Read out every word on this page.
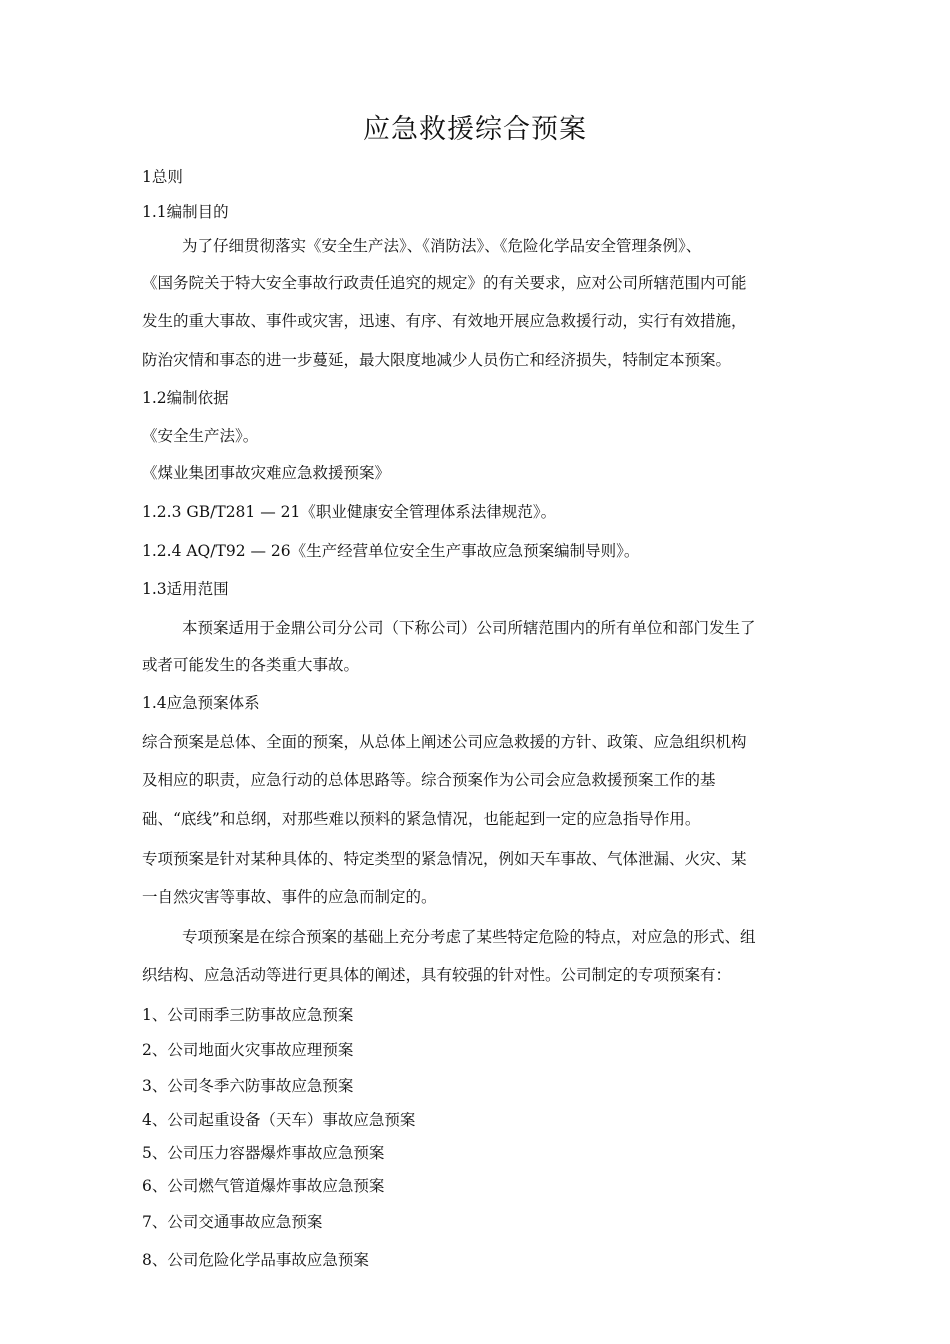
应急救援综合预案
1总则
1.1编制目的
为了仔细贯彻落实《安全生产法》、《消防法》、《危险化学品安全管理条例》、
《国务院关于特大安全事故行政责任追究的规定》的有关要求，应对公司所辖范围内可能
发生的重大事故、事件或灾害，迅速、有序、有效地开展应急救援行动，实行有效措施，
防治灾情和事态的进一步蔓延，最大限度地减少人员伤亡和经济损失，特制定本预案。
1.2编制依据
《安全生产法》。
《煤业集团事故灾难应急救援预案》
1.2.3 GB/T281 — 21《职业健康安全管理体系法律规范》。
1.2.4 AQ/T92 — 26《生产经营单位安全生产事故应急预案编制导则》。
1.3适用范围
本预案适用于金鼎公司分公司（下称公司）公司所辖范围内的所有单位和部门发生了
或者可能发生的各类重大事故。
1.4应急预案体系
综合预案是总体、全面的预案，从总体上阐述公司应急救援的方针、政策、应急组织机构
及相应的职责，应急行动的总体思路等。综合预案作为公司会应急救援预案工作的基
础、“底线”和总纲，对那些难以预料的紧急情况，也能起到一定的应急指导作用。
专项预案是针对某种具体的、特定类型的紧急情况，例如天车事故、气体泄漏、火灾、某
一自然灾害等事故、事件的应急而制定的。
专项预案是在综合预案的基础上充分考虑了某些特定危险的特点，对应急的形式、组
织结构、应急活动等进行更具体的阐述，具有较强的针对性。公司制定的专项预案有：
1、公司雨季三防事故应急预案
2、公司地面火灾事故应理预案
3、公司冬季六防事故应急预案
4、公司起重设备（天车）事故应急预案
5、公司压力容器爆炸事故应急预案
6、公司燃气管道爆炸事故应急预案
7、公司交通事故应急预案
8、公司危险化学品事故应急预案
